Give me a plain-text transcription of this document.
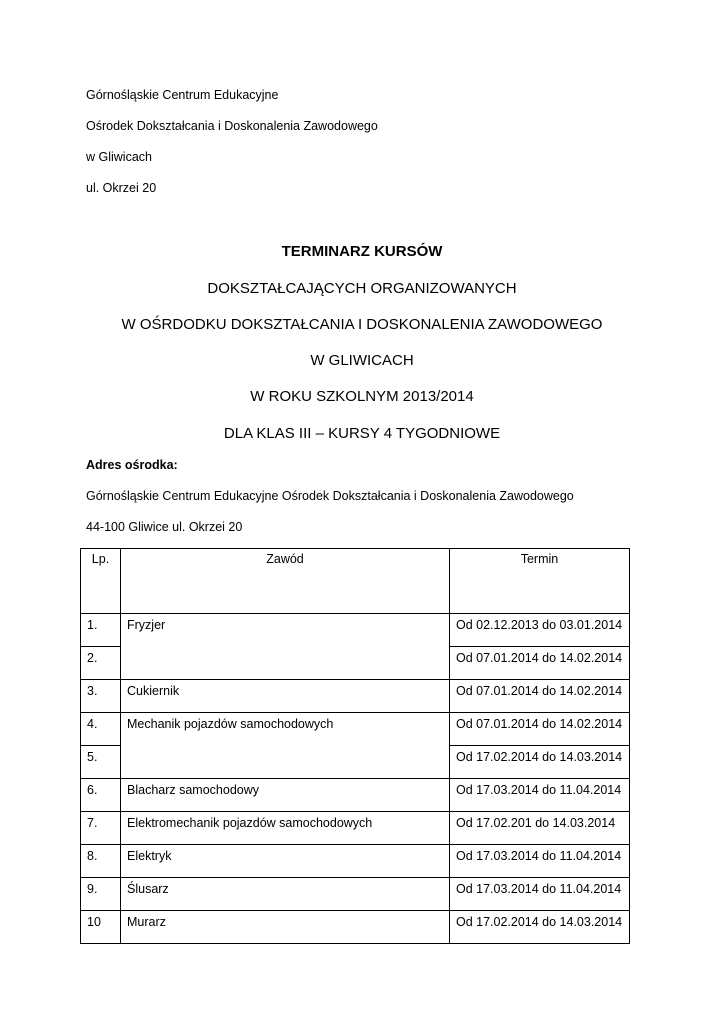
Górnośląskie Centrum Edukacyjne
Ośrodek Dokształcania i Doskonalenia Zawodowego
w Gliwicach
ul. Okrzei 20
TERMINARZ KURSÓW
DOKSZTAŁCAJĄCYCH ORGANIZOWANYCH
W OŚRDODKU DOKSZTAŁCANIA I DOSKONALENIA ZAWODOWEGO
W GLIWICACH
W ROKU SZKOLNYM 2013/2014
DLA KLAS III – KURSY 4 TYGODNIOWE
Adres ośrodka:
Górnośląskie Centrum Edukacyjne Ośrodek Dokształcania i Doskonalenia Zawodowego
44-100 Gliwice ul. Okrzei 20
Lp.	Zawód	Termin
1.	Fryzjer	Od 02.12.2013 do 03.01.2014
2.		Od 07.01.2014 do 14.02.2014
3.	Cukiernik	Od 07.01.2014 do 14.02.2014
4.	Mechanik pojazdów samochodowych	Od 07.01.2014 do 14.02.2014
5.		Od 17.02.2014 do 14.03.2014
6.	Blacharz samochodowy	Od 17.03.2014 do 11.04.2014
7.	Elektromechanik pojazdów samochodowych	Od 17.02.201 do 14.03.2014
8.	Elektryk	Od 17.03.2014 do 11.04.2014
9.	Ślusarz	Od 17.03.2014 do 11.04.2014
10	Murarz	Od 17.02.2014 do 14.03.2014
